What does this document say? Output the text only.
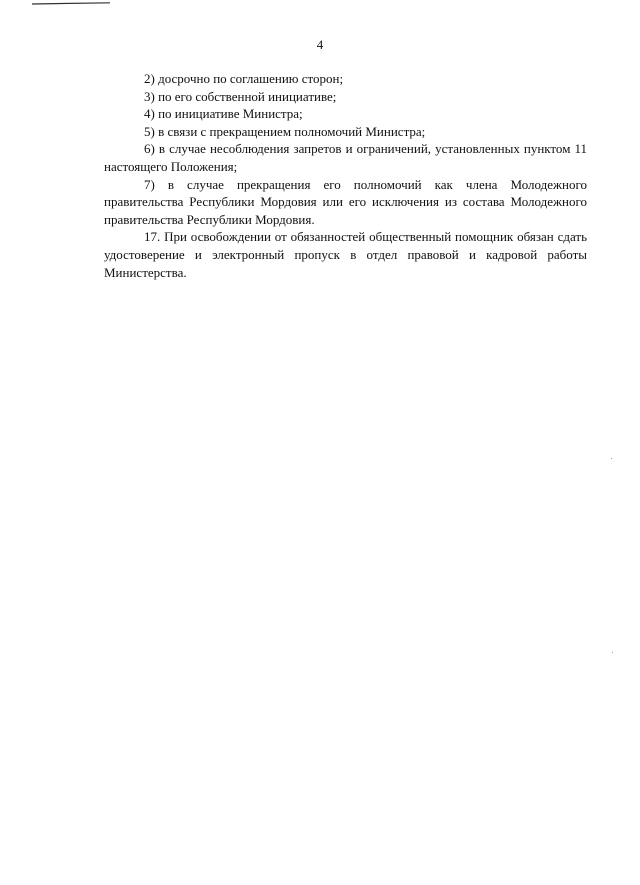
4

2) досрочно по соглашению сторон;

3) по его собственной инициативе;

4) по инициативе Министра;

5) в связи с прекращением полномочий Министра;

6) в случае несоблюдения запретов и ограничений, установленных пунктом 11 настоящего Положения;

7) в случае прекращения его полномочий как члена Молодежного правительства Республики Мордовия или его исключения из состава Молодежного правительства Республики Мордовия.

17. При освобождении от обязанностей общественный помощник обязан сдать удостоверение и электронный пропуск в отдел правовой и кадровой работы Министерства.
